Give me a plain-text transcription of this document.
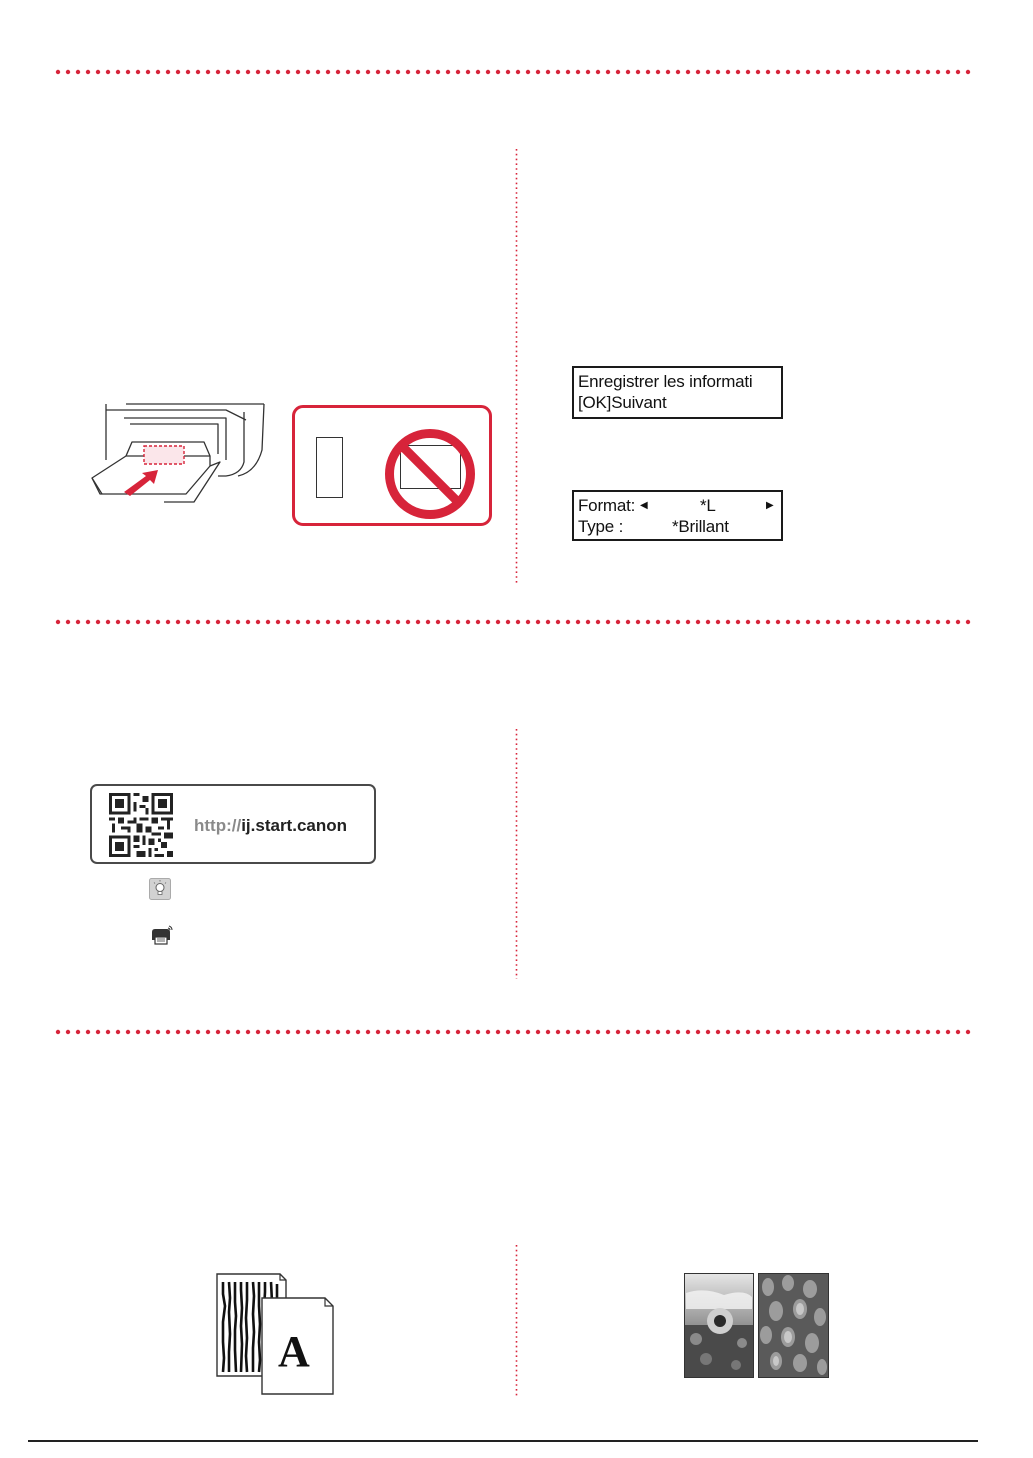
Enregistrer les informati
[OK]Suivant
Format: ◀	*L	▶
Type :	*Brillant
http://ij.start.canon
A
